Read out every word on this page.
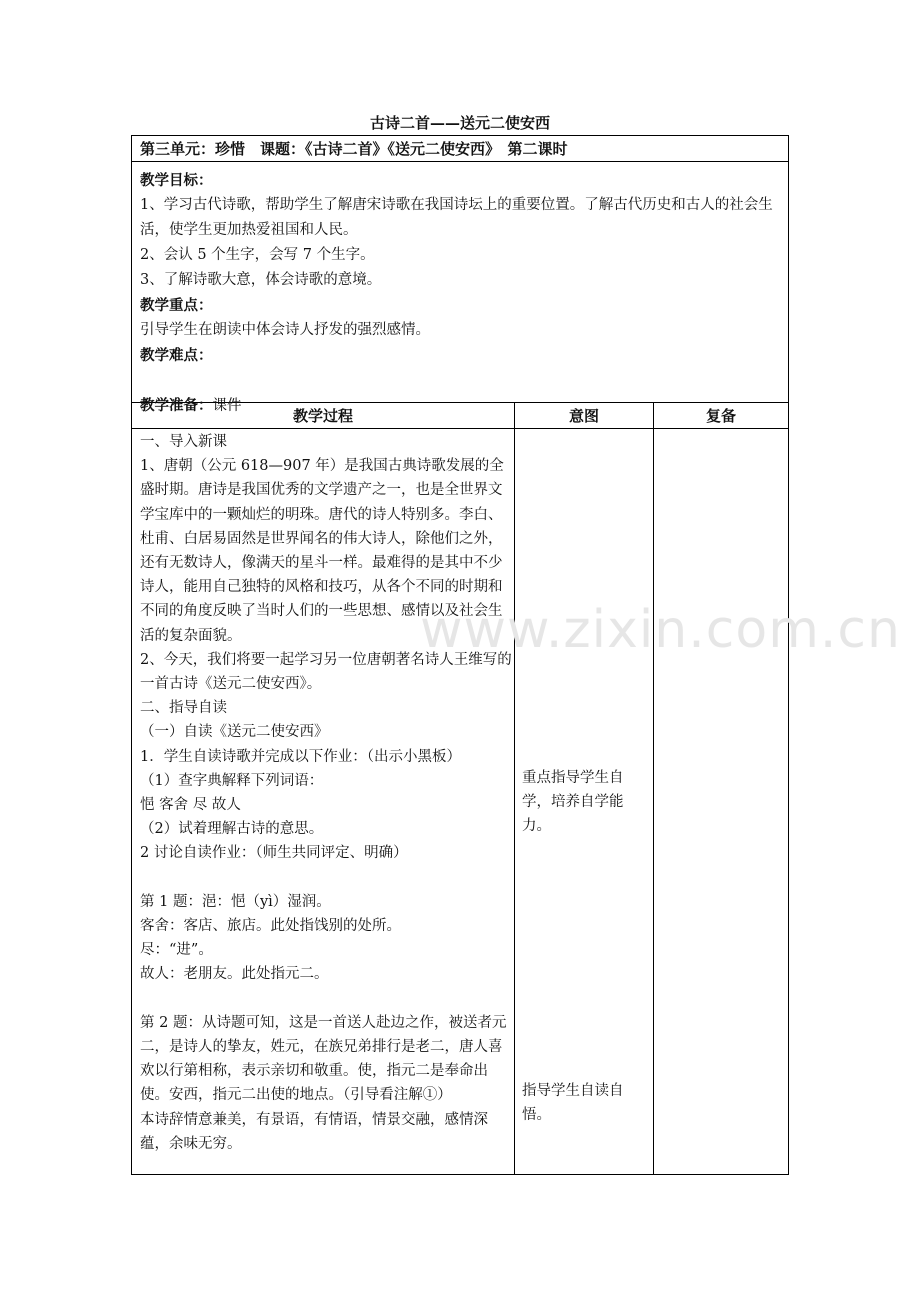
古诗二首——送元二使安西
第三单元：珍惜　课题：《古诗二首》《送元二使安西》　第二课时

教学目标：

1、学习古代诗歌，帮助学生了解唐宋诗歌在我国诗坛上的重要位置。了解古代历史和古人的社会生活，使学生更加热爱祖国和人民。

2、会认 5 个生字，会写 7 个生字。

3、了解诗歌大意，体会诗歌的意境。

教学重点：

引导学生在朗读中体会诗人抒发的强烈感情。

教学难点：

教学准备：课件

教学过程	意图	复备

一、导入新课

1、唐朝（公元 618—907 年）是我国古典诗歌发展的全盛时期。唐诗是我国优秀的文学遗产之一，也是全世界文学宝库中的一颗灿烂的明珠。唐代的诗人特别多。李白、杜甫、白居易固然是世界闻名的伟大诗人，除他们之外，还有无数诗人，像满天的星斗一样。最难得的是其中不少诗人，能用自己独特的风格和技巧，从各个不同的时期和不同的角度反映了当时人们的一些思想、感情以及社会生活的复杂面貌。

2、今天，我们将要一起学习另一位唐朝著名诗人王维写的一首古诗《送元二使安西》。

二、指导自读

（一）自读《送元二使安西》

1．学生自读诗歌并完成以下作业：（出示小黑板）

（1）查字典解释下列词语：

悒 客舍 尽 故人

（2）试着理解古诗的意思。

2 讨论自读作业：（师生共同评定、明确）

第 1 题：浥：悒（yì）湿润。

客舍：客店、旅店。此处指饯别的处所。

尽：“进”。

故人：老朋友。此处指元二。

第 2 题：从诗题可知，这是一首送人赴边之作，被送者元二，是诗人的挚友，姓元，在族兄弟排行是老二，唐人喜欢以行第相称，表示亲切和敬重。使，指元二是奉命出使。安西，指元二出使的地点。（引导看注解①）

本诗辞情意兼美，有景语，有情语，情景交融，感情深蕴，余味无穷。

重点指导学生自学，培养自学能力。
指导学生自读自悟。
www.zixin.com.cn
